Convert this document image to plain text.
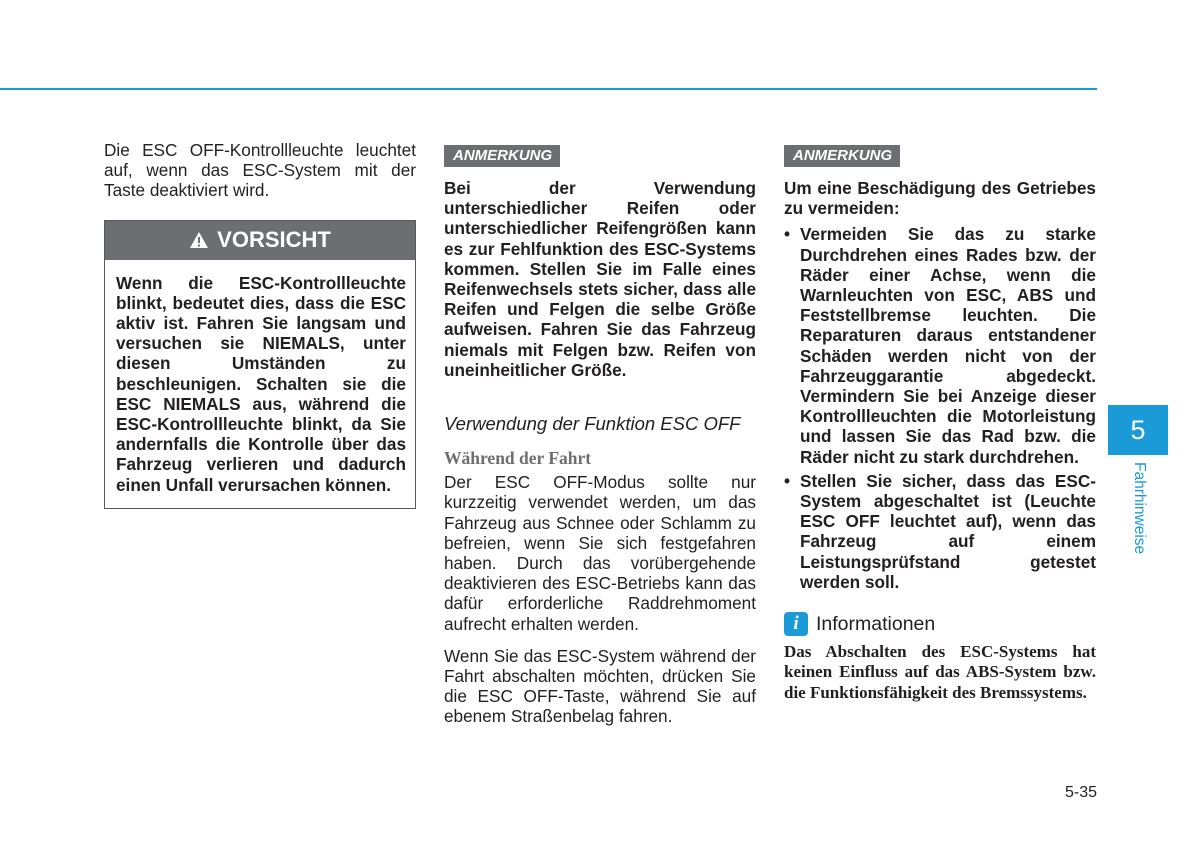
Die ESC OFF-Kontrollleuchte leuchtet auf, wenn das ESC-System mit der Taste deaktiviert wird.

VORSICHT

Wenn die ESC-Kontrollleuchte blinkt, bedeutet dies, dass die ESC aktiv ist. Fahren Sie langsam und versuchen sie NIEMALS, unter diesen Umständen zu beschleunigen. Schalten sie die ESC NIEMALS aus, während die ESC-Kontrollleuchte blinkt, da Sie andernfalls die Kontrolle über das Fahrzeug verlieren und dadurch einen Unfall verursachen können.

ANMERKUNG

Bei der Verwendung unterschiedlicher Reifen oder unterschiedlicher Reifengrößen kann es zur Fehlfunktion des ESC-Systems kommen. Stellen Sie im Falle eines Reifenwechsels stets sicher, dass alle Reifen und Felgen die selbe Größe aufweisen. Fahren Sie das Fahrzeug niemals mit Felgen bzw. Reifen von uneinheitlicher Größe.

Verwendung der Funktion ESC OFF
Während der Fahrt

Der ESC OFF-Modus sollte nur kurzzeitig verwendet werden, um das Fahrzeug aus Schnee oder Schlamm zu befreien, wenn Sie sich festgefahren haben. Durch das vorübergehende deaktivieren des ESC-Betriebs kann das dafür erforderliche Raddrehmoment aufrecht erhalten werden.

Wenn Sie das ESC-System während der Fahrt abschalten möchten, drücken Sie die ESC OFF-Taste, während Sie auf ebenem Straßenbelag fahren.

ANMERKUNG

Um eine Beschädigung des Getriebes zu vermeiden:

• Vermeiden Sie das zu starke Durchdrehen eines Rades bzw. der Räder einer Achse, wenn die Warnleuchten von ESC, ABS und Feststellbremse leuchten. Die Reparaturen daraus entstandener Schäden werden nicht von der Fahrzeuggarantie abgedeckt. Vermindern Sie bei Anzeige dieser Kontrollleuchten die Motorleistung und lassen Sie das Rad bzw. die Räder nicht zu stark durchdrehen.
• Stellen Sie sicher, dass das ESC-System abgeschaltet ist (Leuchte ESC OFF leuchtet auf), wenn das Fahrzeug auf einem Leistungsprüfstand getestet werden soll.
i Informationen

Das Abschalten des ESC-Systems hat keinen Einfluss auf das ABS-System bzw. die Funktionsfähigkeit des Bremssystems.

5
Fahrhinweise
5-35
